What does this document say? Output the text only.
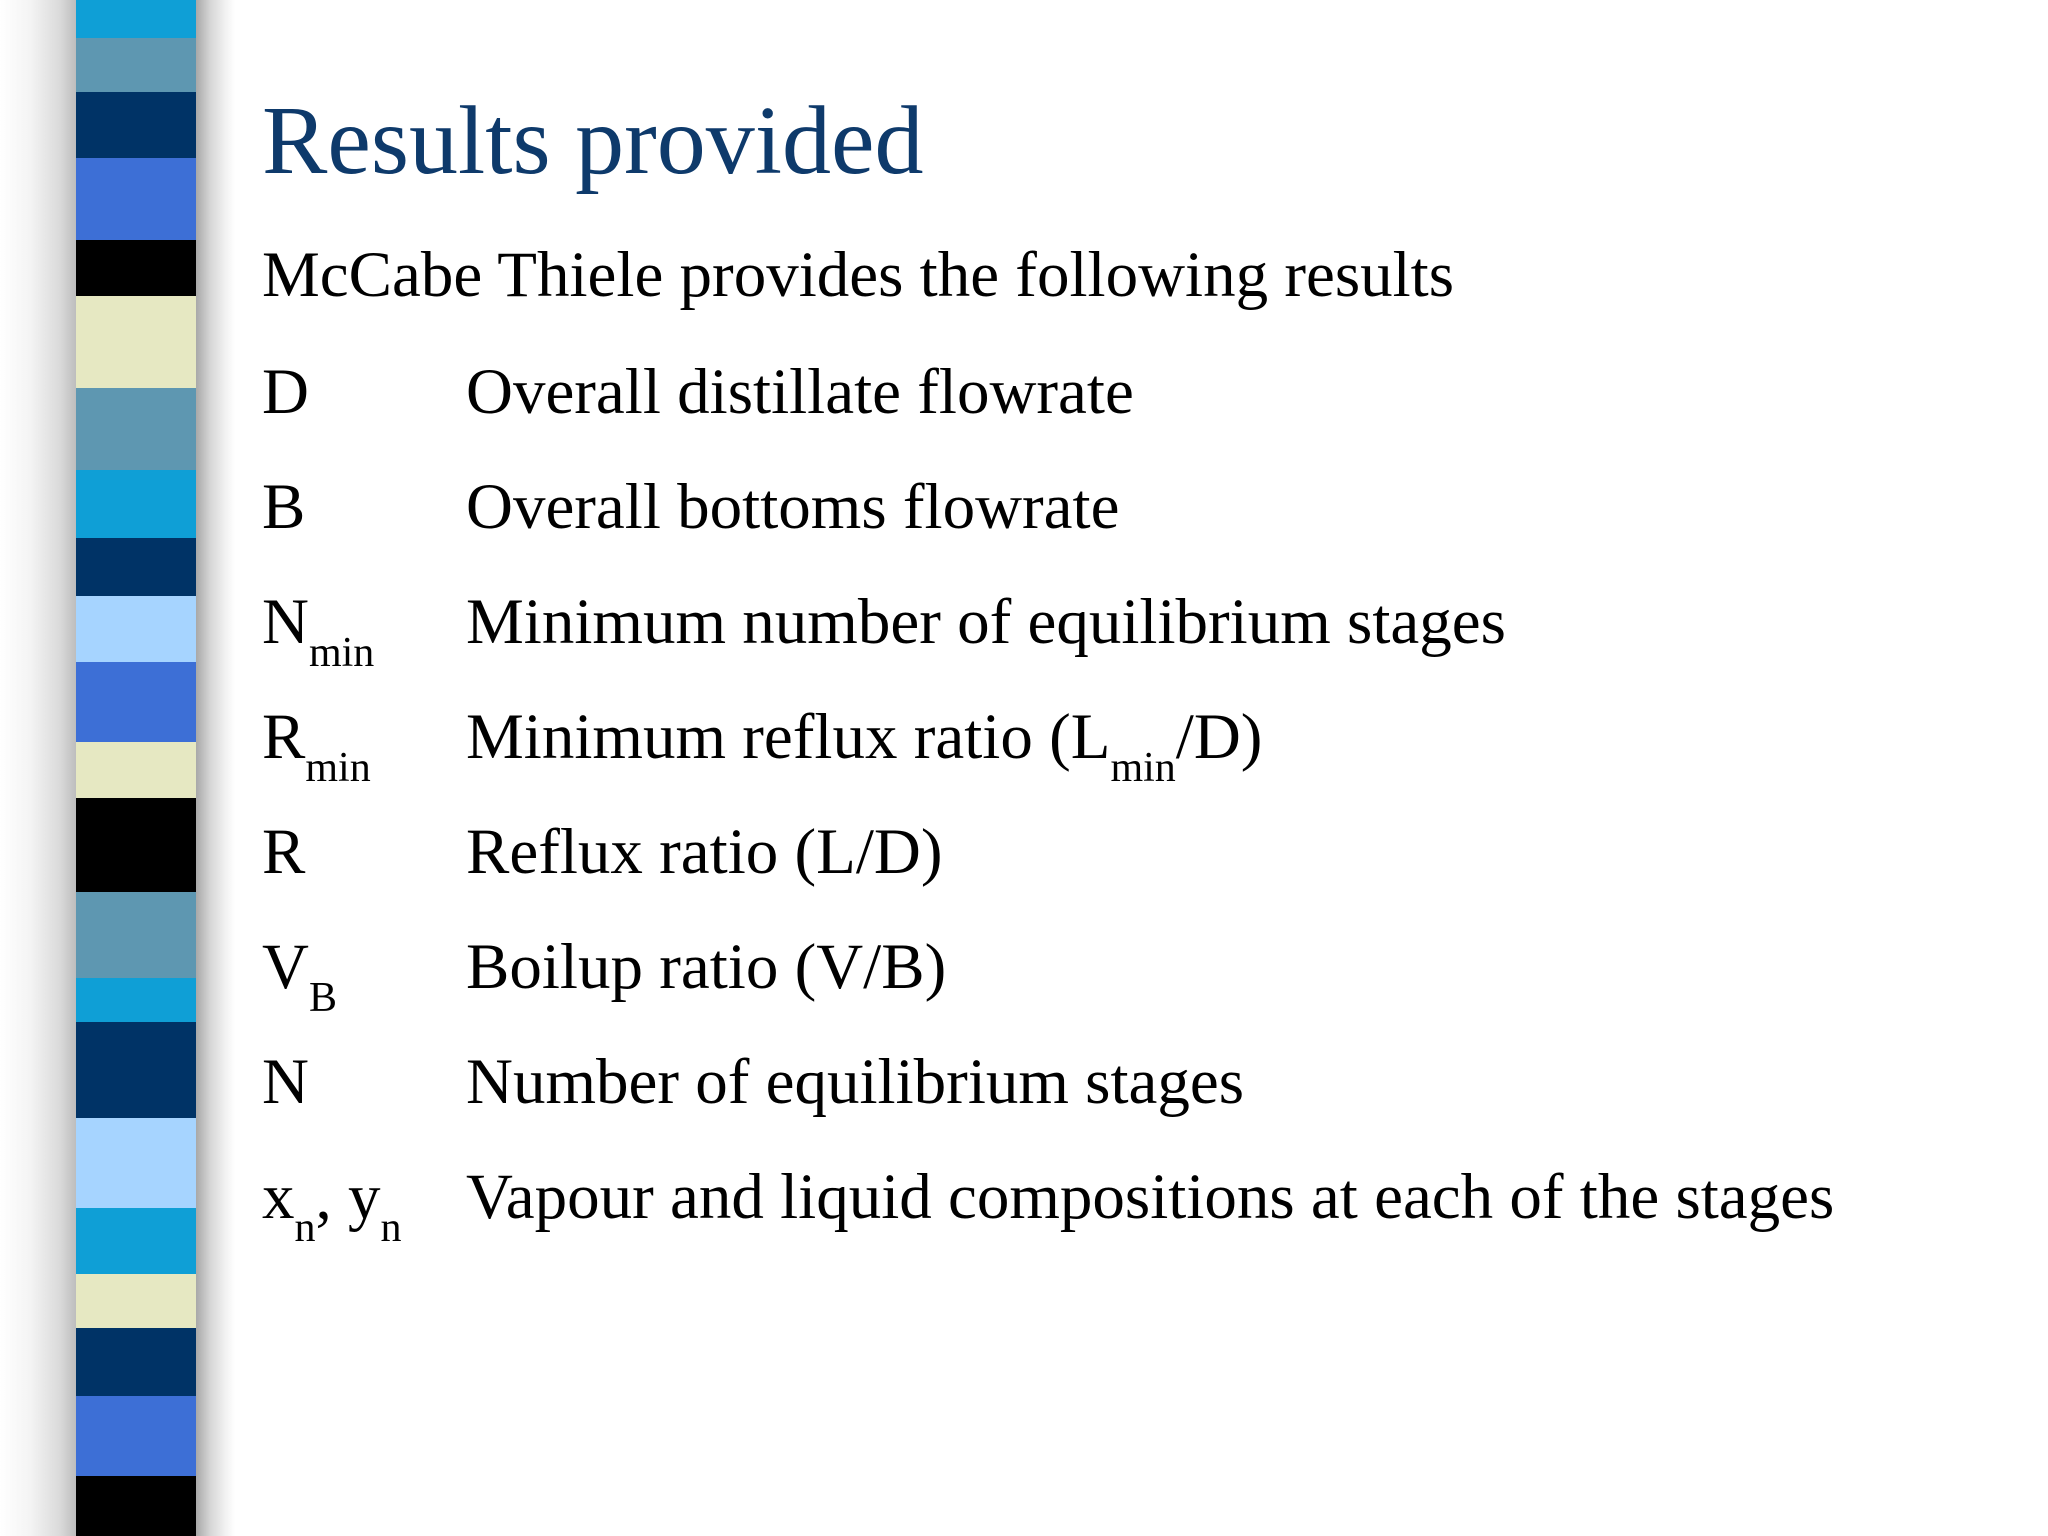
Results provided

McCabe Thiele provides the following results

D Overall distillate flowrate
B Overall bottoms flowrate
$N_{min}$ Minimum number of equilibrium stages
$R_{min}$ Minimum reflux ratio $(L_{min}/D)$
R Reflux ratio (L/D)
$V_B$ Boilup ratio (V/B)
N Number of equilibrium stages
$x_n$, $y_n$ Vapour and liquid compositions at each of the stages
